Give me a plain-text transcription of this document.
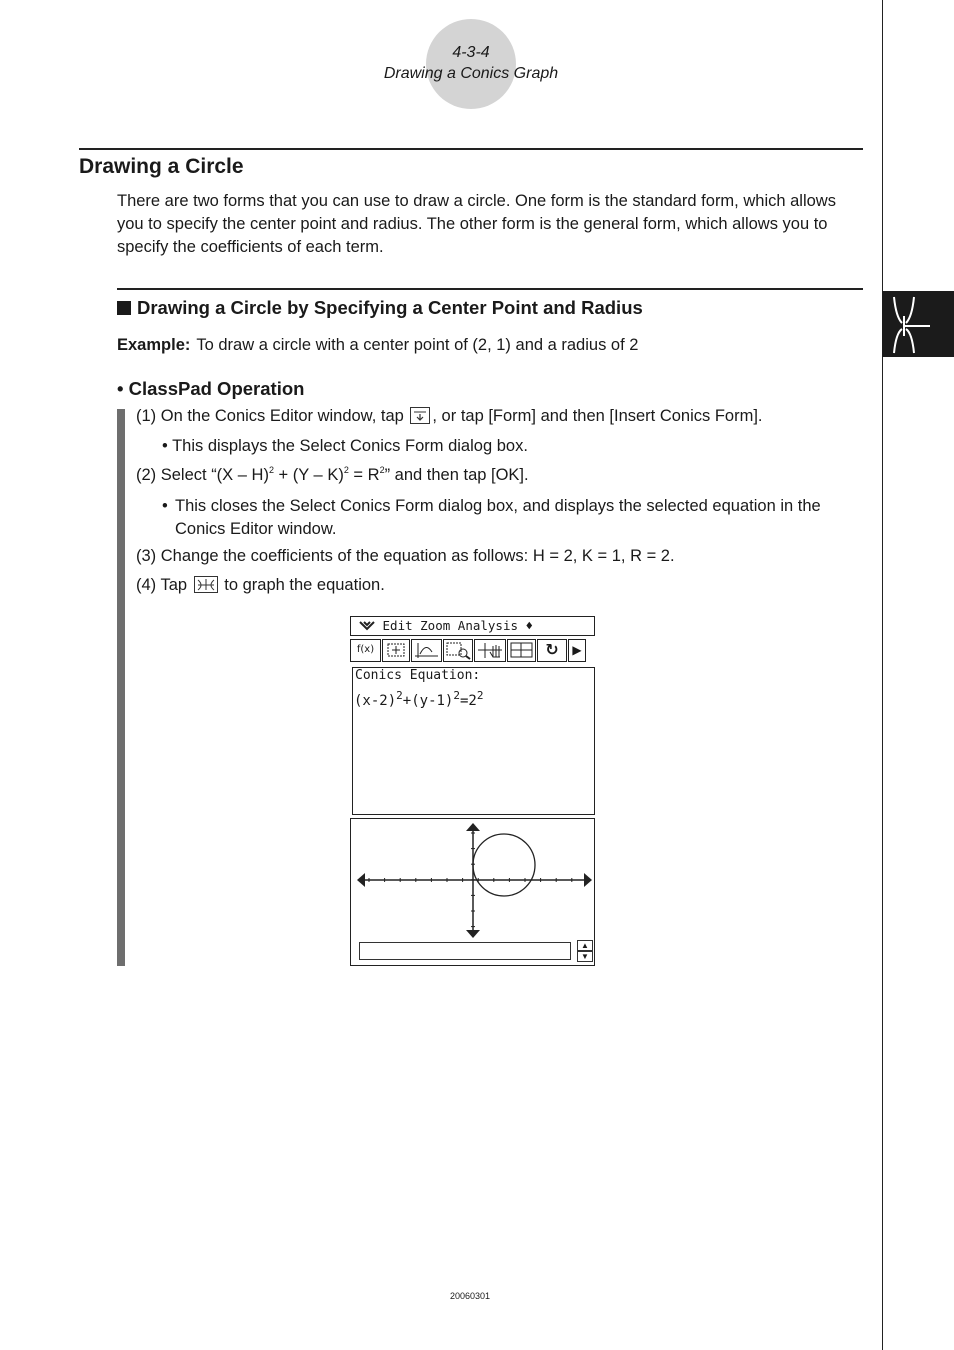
4-3-4
Drawing a Conics Graph
Drawing a Circle
There are two forms that you can use to draw a circle. One form is the standard form, which allows you to specify the center point and radius. The other form is the general form, which allows you to specify the coefficients of each term.
Drawing a Circle by Specifying a Center Point and Radius
Example: To draw a circle with a center point of (2, 1) and a radius of 2
• ClassPad Operation
(1) On the Conics Editor window, tap , or tap [Form] and then [Insert Conics Form].
• This displays the Select Conics Form dialog box.
(2) Select “$(X - H)^2 + (Y - K)^2 = R^2$” and then tap [OK].
• This closes the Select Conics Form dialog box, and displays the selected equation in the Conics Editor window.
(3) Change the coefficients of the equation as follows: H = 2, K = 1, R = 2.
(4) Tap to graph the equation.
Edit Zoom Analysis ♦
f(x)	↻	▶
Conics Equation:
$(x-2)^2+(y-1)^2=2^2$
▲
▼
20060301
